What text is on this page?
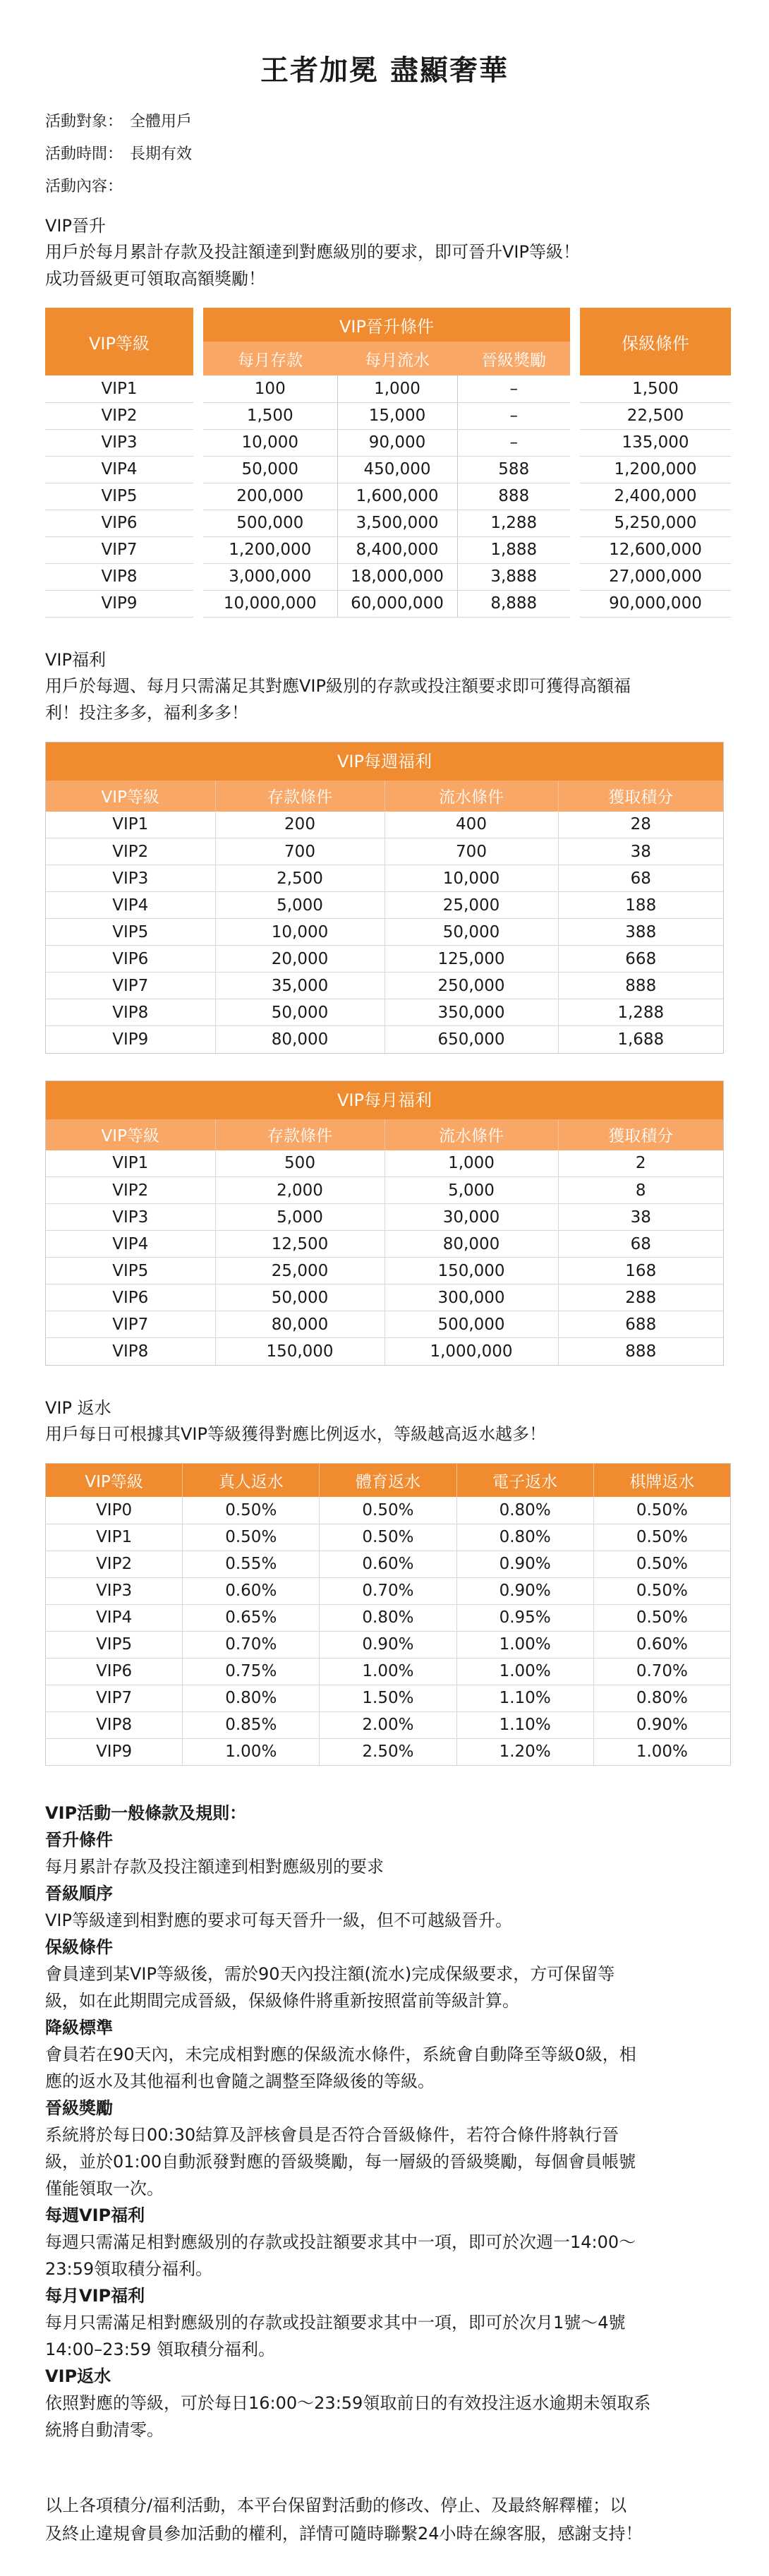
王者加冕 盡顯奢華
活動對象： 全體用戶
活動時間： 長期有效
活動內容：
VIP晉升
用戶於每月累計存款及投註額達到對應級別的要求，即可晉升VIP等級！
成功晉級更可領取高額獎勵！
VIP等級		VIP晉升條件				保級條件
		每月存款	每月流水	晉級獎勵		
VIP1		100	1,000	–		1,500
VIP2		1,500	15,000	–		22,500
VIP3		10,000	90,000	–		135,000
VIP4		50,000	450,000	588		1,200,000
VIP5		200,000	1,600,000	888		2,400,000
VIP6		500,000	3,500,000	1,288		5,250,000
VIP7		1,200,000	8,400,000	1,888		12,600,000
VIP8		3,000,000	18,000,000	3,888		27,000,000
VIP9		10,000,000	60,000,000	8,888		90,000,000
VIP福利
用戶於每週、每月只需滿足其對應VIP級別的存款或投注額要求即可獲得高額福
利！投注多多，福利多多！
VIP每週福利
VIP等級	存款條件	流水條件	獲取積分
VIP1	200	400	28
VIP2	700	700	38
VIP3	2,500	10,000	68
VIP4	5,000	25,000	188
VIP5	10,000	50,000	388
VIP6	20,000	125,000	668
VIP7	35,000	250,000	888
VIP8	50,000	350,000	1,288
VIP9	80,000	650,000	1,688
VIP每月福利
VIP等級	存款條件	流水條件	獲取積分
VIP1	500	1,000	2
VIP2	2,000	5,000	8
VIP3	5,000	30,000	38
VIP4	12,500	80,000	68
VIP5	25,000	150,000	168
VIP6	50,000	300,000	288
VIP7	80,000	500,000	688
VIP8	150,000	1,000,000	888
VIP 返水
用戶每日可根據其VIP等級獲得對應比例返水，等級越高返水越多！
VIP等級	真人返水	體育返水	電子返水	棋牌返水
VIP0	0.50%	0.50%	0.80%	0.50%
VIP1	0.50%	0.50%	0.80%	0.50%
VIP2	0.55%	0.60%	0.90%	0.50%
VIP3	0.60%	0.70%	0.90%	0.50%
VIP4	0.65%	0.80%	0.95%	0.50%
VIP5	0.70%	0.90%	1.00%	0.60%
VIP6	0.75%	1.00%	1.00%	0.70%
VIP7	0.80%	1.50%	1.10%	0.80%
VIP8	0.85%	2.00%	1.10%	0.90%
VIP9	1.00%	2.50%	1.20%	1.00%
VIP活動一般條款及規則：
晉升條件
每月累計存款及投注額達到相對應級別的要求
晉級順序
VIP等級達到相對應的要求可每天晉升一級，但不可越級晉升。
保級條件
會員達到某VIP等級後，需於90天內投注額(流水)完成保級要求，方可保留等
級，如在此期間完成晉級，保級條件將重新按照當前等級計算。
降級標準
會員若在90天內，未完成相對應的保級流水條件，系統會自動降至等級0級，相
應的返水及其他福利也會隨之調整至降級後的等級。
晉級獎勵
系統將於每日00:30結算及評核會員是否符合晉級條件，若符合條件將執行晉
級，並於01:00自動派發對應的晉級獎勵，每一層級的晉級獎勵，每個會員帳號
僅能領取一次。
每週VIP福利
每週只需滿足相對應級別的存款或投註額要求其中一項，即可於次週一14:00～
23:59領取積分福利。
每月VIP福利
每月只需滿足相對應級別的存款或投註額要求其中一項，即可於次月1號～4號
14:00–23:59 領取積分福利。
VIP返水
依照對應的等級，可於每日16:00～23:59領取前日的有效投注返水逾期未領取系
統將自動清零。
以上各項積分/福利活動，本平台保留對活動的修改、停止、及最終解釋權；以
及終止違規會員參加活動的權利，詳情可隨時聯繫24小時在線客服，感謝支持！
